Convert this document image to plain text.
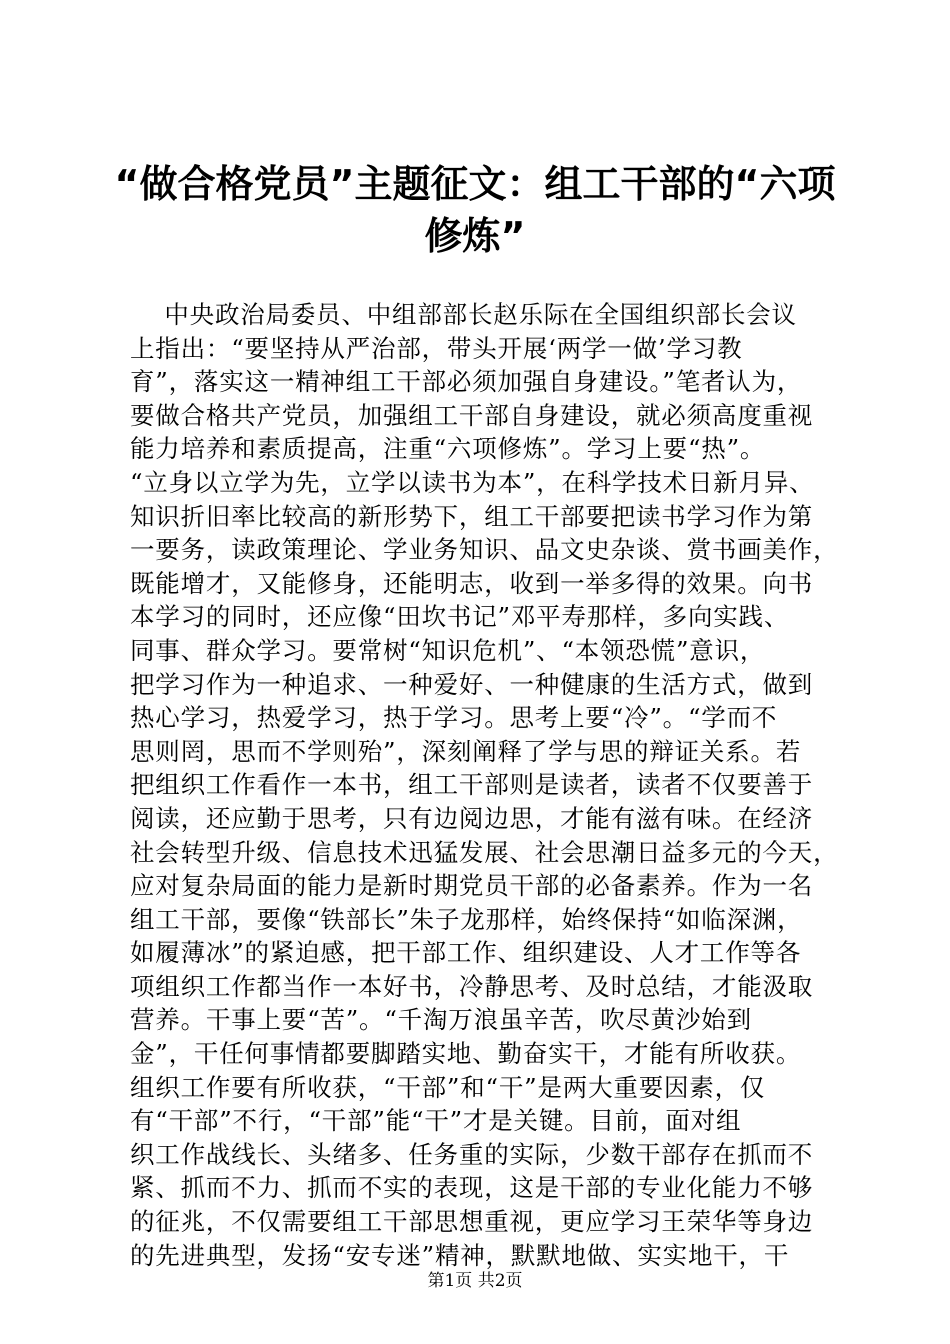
“做合格党员”主题征文：组工干部的“六项
修炼”
中央政治局委员、中组部部长赵乐际在全国组织部长会议
上指出：“要坚持从严治部，带头开展‘两学一做’学习教
育”，落实这一精神组工干部必须加强自身建设。”笔者认为，
要做合格共产党员，加强组工干部自身建设，就必须高度重视
能力培养和素质提高，注重“六项修炼”。学习上要“热”。
“立身以立学为先，立学以读书为本”，在科学技术日新月异、
知识折旧率比较高的新形势下，组工干部要把读书学习作为第
一要务，读政策理论、学业务知识、品文史杂谈、赏书画美作，
既能增才，又能修身，还能明志，收到一举多得的效果。向书
本学习的同时，还应像“田坎书记”邓平寿那样，多向实践、
同事、群众学习。要常树“知识危机”、“本领恐慌”意识，
把学习作为一种追求、一种爱好、一种健康的生活方式，做到
热心学习，热爱学习，热于学习。思考上要“冷”。“学而不
思则罔，思而不学则殆”，深刻阐释了学与思的辩证关系。若
把组织工作看作一本书，组工干部则是读者，读者不仅要善于
阅读，还应勤于思考，只有边阅边思，才能有滋有味。在经济
社会转型升级、信息技术迅猛发展、社会思潮日益多元的今天，
应对复杂局面的能力是新时期党员干部的必备素养。作为一名
组工干部，要像“铁部长”朱子龙那样，始终保持“如临深渊，
如履薄冰”的紧迫感，把干部工作、组织建设、人才工作等各
项组织工作都当作一本好书，冷静思考、及时总结，才能汲取
营养。干事上要“苦”。“千淘万浪虽辛苦，吹尽黄沙始到
金”，干任何事情都要脚踏实地、勤奋实干，才能有所收获。
组织工作要有所收获，“干部”和“干”是两大重要因素，仅
有“干部”不行，“干部”能“干”才是关键。目前，面对组
织工作战线长、头绪多、任务重的实际，少数干部存在抓而不
紧、抓而不力、抓而不实的表现，这是干部的专业化能力不够
的征兆，不仅需要组工干部思想重视，更应学习王荣华等身边
的先进典型，发扬“安专迷”精神，默默地做、实实地干，干
第1页 共2页
